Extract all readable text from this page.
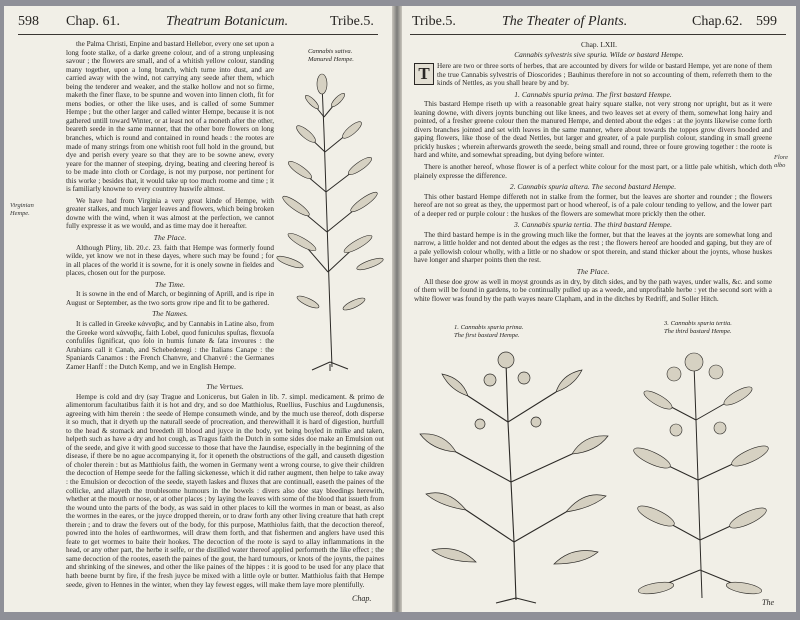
598 Chap. 61.	Theatrum Botanicum.	Tribe.5.

the Palma Christi, Enpine and bastard Hellebor, every one set upon a long foote stalke, of a darke greene colour, and of a strong unpleasing savour ; the flowers are small, and of a whitish yellow colour, standing many together, upon a long branch, which turne into dust, and are carried away with the wind, not carrying any seede after them, which being the tenderer and weaker, and the stalke hollow and not so firme, maketh the finer flaxe, to be spunne and woven into linnen cloth, fit for mens bodies, or other the like uses, and is called of some Summer Hempe ; but the other larger and called winter Hempe, because it is not gathered untill toward Winter, or at least not of a moneth after the other, beareth seede in the same manner, that the other bore flowers on long branches, which is round and contained in round heads : the rootes are made of many strings from one whitish root full hold in the ground, but dye and perish every yeare so that they are to be sowne anew, every yeare for the manner of steeping, drying, beating and cleering hereof is to be made into cloth or Cordage, is not my purpose, nor pertinent for this worke ; besides that, it would take up too much roome and time ; it is familiarly knowne to every countrey huswife almost.

We have had from Virginia a very great kinde of Hempe, with greater stalkes, and much larger leaves and flowers, which being broken downe with the wind, when it was almost at the perfection, we cannot fully expresse it as we would, and as time may doe it hereafter.

The Place.

Although Pliny, lib. 20.c. 23. faith that Hempe was formerly found wilde, yet know we not in these dayes, where such may be found ; for in all places of the world it is sowne, for it is onely sowne in fieldes and places, chosen out for the purpose.

The Time.

It is sowne in the end of March, or beginning of Aprill, and is ripe in August or September, as the two sorts grow ripe and fit to be gathered.

The Names.

It is called in Greeke κάνναβις, and by Cannabis in Latine also, from the Greeke word κάνναβις, faith Lobel, quod funiculus spuſtas, flexuoſa confuſiſes ſignificat, quo ſolo in humis ſunate & ſata invoures : the Arabians call it Canab, and Schebedenegi : the Italians Canape : the Spaniards Canamos : the French Chanvre, and Chanvré : the Germanes Zamer Hanff : the Dutch Kemp, and we in English Hempe.

Virginian
Hempe.
Cannabis sativa.
Manured Hempe.
The Vertues.

Hempe is cold and dry (say Trague and Lonicerus, but Galen in lib. 7. simpl. medicament. & primo de alimentorum facultatibus faith it is hot and dry, and so doe Matthiolus, Ruellius, Fuschius and Lugdunensis, agreeing with him therein : the seede of Hempe consumeth winde, and by the much use thereof, doth disperse it so much, that it dryeth up the naturall seede of procreation, and therewithall it is hard of digestion, hurtfull to the head & stomack and breedeth ill blood and juyce in the body, yet being boyled in milke and taken, helpeth such as have a dry and hot cough, as Tragus faith the Dutch in some sides doe make an Emulsion out of the seede, and give it with good successe to those that have the Jaundise, especially in the beginning of the disease, if there be no ague accompanying it, for it openeth the obstructions of the gall, and causeth digestion of choler therein : but as Matthiolus faith, the women in Germany went a wrong course, to give their children the decoction of Hempe seede for the falling sickenesse, which it did rather augment, then helpe to take away : the Emulsion or decoction of the seede, stayeth laskes and fluxes that are continuall, easeth the paines of the collicke, and allayeth the troublesome humours in the bowels : divers also doe stay bleedings herewith, whether at the mouth or nose, or at other places ; by laying the leaves with some of the blood that issueth from the wound unto the parts of the body, as was said in other places to kill the wormes in man or beast, as also the wormes in the eares, or the juyce dropped therein, or to draw forth any other living creature that hath crept therein ; and to draw the fevers out of the body, for this purpose, Matthiolus faith, that the decoction thereof, powred into the holes of earthwormes, will draw them forth, and that fishermen and anglers have used this feate to get wormes to baite their hookes. The decoction of the roote is sayd to allay inflammations in the head, or any other part, the herbe it selfe, or the distilled water thereof applied performeth the like effect ; the same decoction of the rootes, easeth the paines of the gout, the hard tumours, or knots of the joynts, the paines and shrinking of the sinewes, and other the like paines of the hippes : it is good to be used for any place that hath beene burnt by fire, if the fresh juyce be mixed with a little oyle or butter. Matthiolus faith that Hempe seede, given to Hennes in the winter, when they lay fewest egges, will make them laye more plentifully.

Chap.
Tribe.5.	The Theater of Plants.	Chap.62. 599
Chap. LXII.
Cannabis sylvestris sive spuria. Wilde or bastard Hempe.

T	Here are two or three sorts of herbes, that are accounted by divers for wilde or bastard Hempe, yet are none of them the true Cannabis sylvestris of Dioscorides ; Bauhinus therefore in not so accounting of them, referreth them to the kinds of Nettles, as you shall heare by and by.

1. Cannabis spuria prima. The first bastard Hempe.

This bastard Hempe riseth up with a reasonable great hairy square stalke, not very strong nor upright, but as it were leaning downe, with divers joynts bunching out like knees, and two leaves set at every of them, somewhat long hairy and pointed, of a fresher greene colour then the manured Hempe, and dented about the edges : at the joynts likewise come forth divers branches jointed and set with leaves in the same manner, where about towards the toppes grow divers hooded and gaping flowers, like those of the dead Nettles, but larger and greater, of a pale purplish colour, standing in small greene prickly huskes ; wherein afterwards groweth the seede, being small and round, three or foure growing together : the roote is hard and white, and somewhat spreading, but dying before winter.

There is another hereof, whose flower is of a perfect white colour for the most part, or a little pale whitish, which doth plainely expresse the difference.

2. Cannabis spuria altera. The second bastard Hempe.

This other bastard Hempe differeth not in stalke from the former, but the leaves are shorter and rounder ; the flowers hereof are not so great as they, the uppermost part or hood whereof, is of a pale colour tending to yellow, and the lower part of a deeper red or purple colour : the huskes of the flowers are somewhat more prickly then the other.

3. Cannabis spuria tertia. The third bastard Hempe.

The third bastard hempe is in the growing much like the former, but that the leaves at the joynts are somewhat long and narrow, a little holder and not dented about the edges as the rest ; the flowers hereof are hooded and gaping, but they are of a pale yellowish colour wholly, with a little or no shadow or spot therein, and stand thicker about the joynts, whose huskes have longer and sharper points then the rest.

The Place.

All these doe grow as well in moyst grounds as in dry, by ditch sides, and by the path wayes, under walls, &c. and some of them will be found in gardens, to be continually pulled up as a weede, and unprofitable herbe : yet the second sort with a white flower was found by the path wayes neare Clapham, and in the ditches by Redriff, and Soller Hitch.

Flore albo
1. Cannabis spuria prima.
The first bastard Hempe.
3. Cannabis spuria tertia.
The third bastard Hempe.
The
